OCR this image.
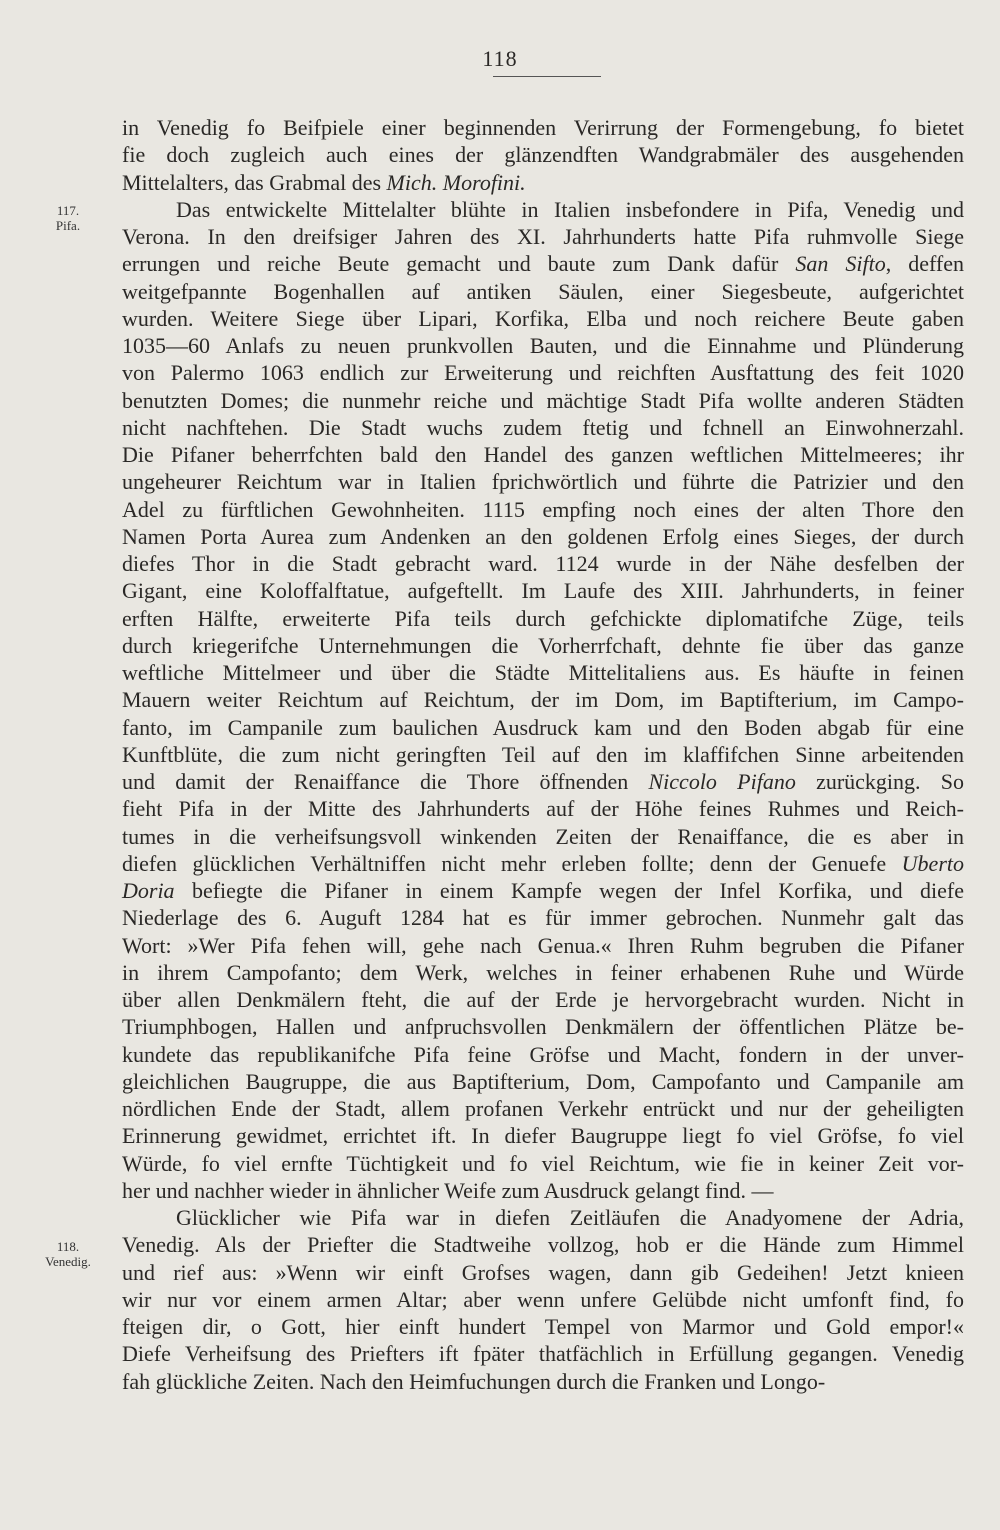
118
117.
Pifa.
118.
Venedig.
in Venedig fo Beifpiele einer beginnenden Verirrung der Formengebung, fo bietet
fie doch zugleich auch eines der glänzendften Wandgrabmäler des ausgehenden
Mittelalters, das Grabmal des Mich. Morofini.
Das entwickelte Mittelalter blühte in Italien insbefondere in Pifa, Venedig und
Verona. In den dreifsiger Jahren des XI. Jahrhunderts hatte Pifa ruhmvolle Siege
errungen und reiche Beute gemacht und baute zum Dank dafür San Sifto, deffen
weitgefpannte Bogenhallen auf antiken Säulen, einer Siegesbeute, aufgerichtet
wurden. Weitere Siege über Lipari, Korfika, Elba und noch reichere Beute gaben
1035—60 Anlafs zu neuen prunkvollen Bauten, und die Einnahme und Plünderung
von Palermo 1063 endlich zur Erweiterung und reichften Ausftattung des feit 1020
benutzten Domes; die nunmehr reiche und mächtige Stadt Pifa wollte anderen Städten
nicht nachftehen. Die Stadt wuchs zudem ftetig und fchnell an Einwohnerzahl.
Die Pifaner beherrfchten bald den Handel des ganzen weftlichen Mittelmeeres; ihr
ungeheurer Reichtum war in Italien fprichwörtlich und führte die Patrizier und den
Adel zu fürftlichen Gewohnheiten. 1115 empfing noch eines der alten Thore den
Namen Porta Aurea zum Andenken an den goldenen Erfolg eines Sieges, der durch
diefes Thor in die Stadt gebracht ward. 1124 wurde in der Nähe desfelben der
Gigant, eine Koloffalftatue, aufgeftellt. Im Laufe des XIII. Jahrhunderts, in feiner
erften Hälfte, erweiterte Pifa teils durch gefchickte diplomatifche Züge, teils
durch kriegerifche Unternehmungen die Vorherrfchaft, dehnte fie über das ganze
weftliche Mittelmeer und über die Städte Mittelitaliens aus. Es häufte in feinen
Mauern weiter Reichtum auf Reichtum, der im Dom, im Baptifterium, im Campo-
fanto, im Campanile zum baulichen Ausdruck kam und den Boden abgab für eine
Kunftblüte, die zum nicht geringften Teil auf den im klaffifchen Sinne arbeitenden
und damit der Renaiffance die Thore öffnenden Niccolo Pifano zurückging. So
fieht Pifa in der Mitte des Jahrhunderts auf der Höhe feines Ruhmes und Reich-
tumes in die verheifsungsvoll winkenden Zeiten der Renaiffance, die es aber in
diefen glücklichen Verhältniffen nicht mehr erleben follte; denn der Genuefe Uberto
Doria befiegte die Pifaner in einem Kampfe wegen der Infel Korfika, und diefe
Niederlage des 6. Auguft 1284 hat es für immer gebrochen. Nunmehr galt das
Wort: »Wer Pifa fehen will, gehe nach Genua.« Ihren Ruhm begruben die Pifaner
in ihrem Campofanto; dem Werk, welches in feiner erhabenen Ruhe und Würde
über allen Denkmälern fteht, die auf der Erde je hervorgebracht wurden. Nicht in
Triumphbogen, Hallen und anfpruchsvollen Denkmälern der öffentlichen Plätze be-
kundete das republikanifche Pifa feine Gröfse und Macht, fondern in der unver-
gleichlichen Baugruppe, die aus Baptifterium, Dom, Campofanto und Campanile am
nördlichen Ende der Stadt, allem profanen Verkehr entrückt und nur der geheiligten
Erinnerung gewidmet, errichtet ift. In diefer Baugruppe liegt fo viel Gröfse, fo viel
Würde, fo viel ernfte Tüchtigkeit und fo viel Reichtum, wie fie in keiner Zeit vor-
her und nachher wieder in ähnlicher Weife zum Ausdruck gelangt find. —
Glücklicher wie Pifa war in diefen Zeitläufen die Anadyomene der Adria,
Venedig. Als der Priefter die Stadtweihe vollzog, hob er die Hände zum Himmel
und rief aus: »Wenn wir einft Grofses wagen, dann gib Gedeihen! Jetzt knieen
wir nur vor einem armen Altar; aber wenn unfere Gelübde nicht umfonft find, fo
fteigen dir, o Gott, hier einft hundert Tempel von Marmor und Gold empor!«
Diefe Verheifsung des Priefters ift fpäter thatfächlich in Erfüllung gegangen. Venedig
fah glückliche Zeiten. Nach den Heimfuchungen durch die Franken und Longo-
